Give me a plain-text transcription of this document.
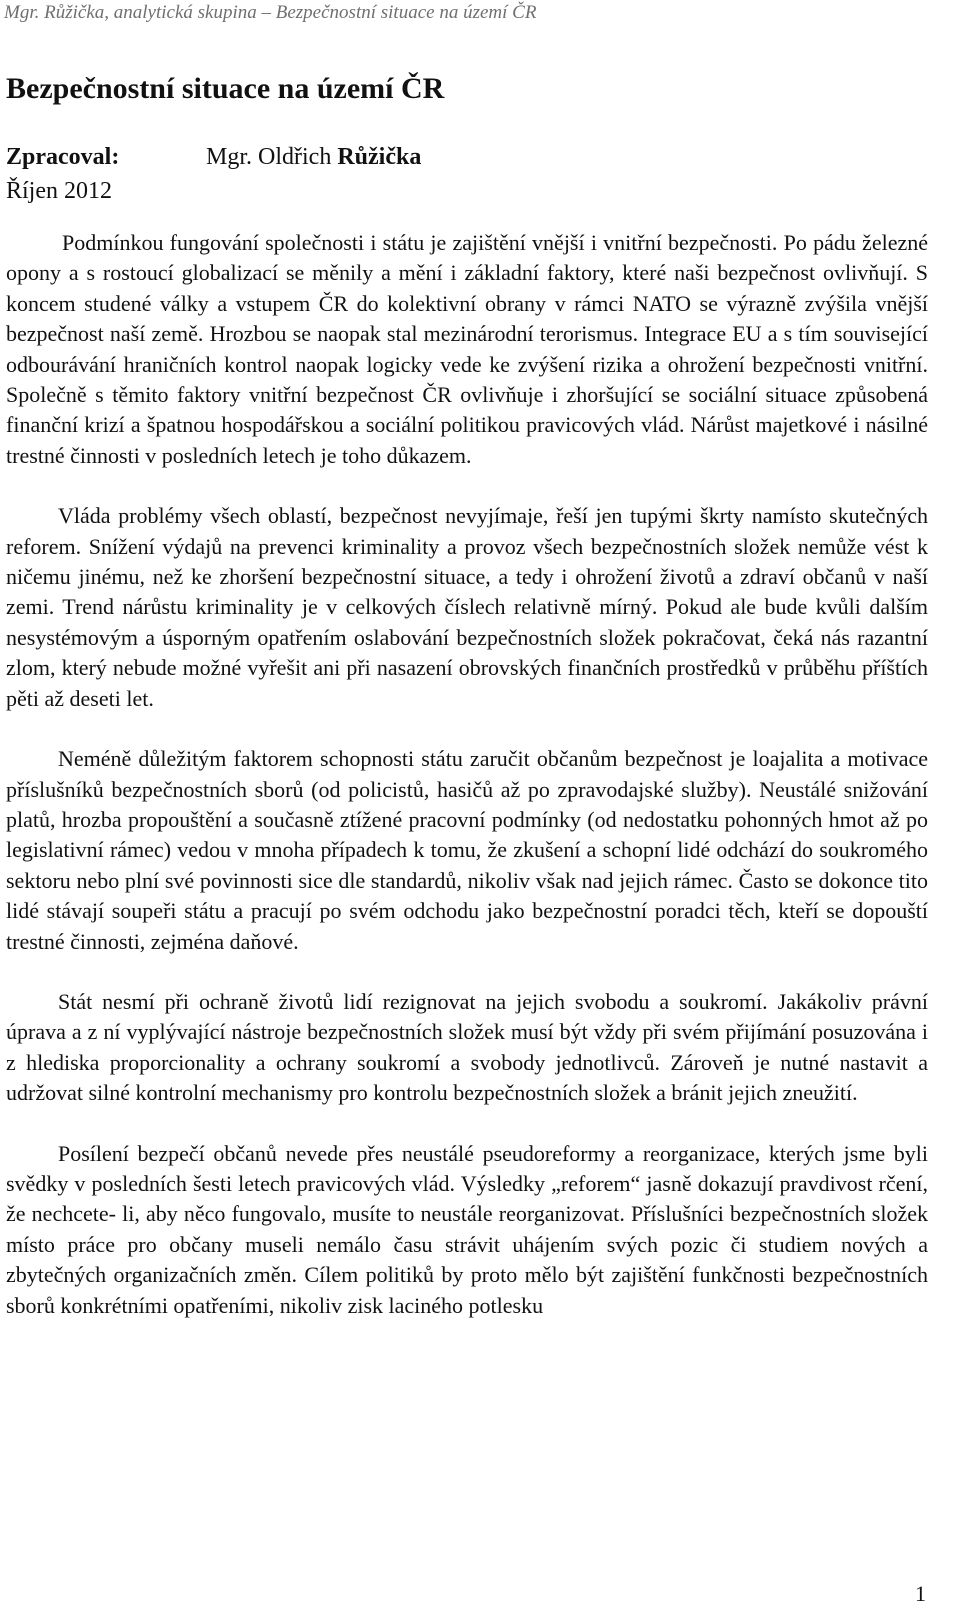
Mgr. Růžička, analytická skupina – Bezpečnostní situace na území ČR
Bezpečnostní situace na území ČR
Zpracoval:	Mgr. Oldřich Růžička
Říjen 2012

Podmínkou fungování společnosti i státu je zajištění vnější i vnitřní bezpečnosti. Po pádu železné opony a s rostoucí globalizací se měnily a mění i základní faktory, které naši bezpečnost ovlivňují. S koncem studené války a vstupem ČR do kolektivní obrany v rámci NATO se výrazně zvýšila vnější bezpečnost naší země. Hrozbou se naopak stal mezinárodní terorismus. Integrace EU a s tím související odbourávání hraničních kontrol naopak logicky vede ke zvýšení rizika a ohrožení bezpečnosti vnitřní. Společně s těmito faktory vnitřní bezpečnost ČR ovlivňuje i zhoršující se sociální situace způsobená finanční krizí a špatnou hospodářskou a sociální politikou pravicových vlád. Nárůst majetkové i násilné trestné činnosti v posledních letech je toho důkazem.

Vláda problémy všech oblastí, bezpečnost nevyjímaje, řeší jen tupými škrty namísto skutečných reforem. Snížení výdajů na prevenci kriminality a provoz všech bezpečnostních složek nemůže vést k ničemu jinému, než ke zhoršení bezpečnostní situace, a tedy i ohrožení životů a zdraví občanů v naší zemi. Trend nárůstu kriminality je v celkových číslech relativně mírný. Pokud ale bude kvůli dalším nesystémovým a úsporným opatřením oslabování bezpečnostních složek pokračovat, čeká nás razantní zlom, který nebude možné vyřešit ani při nasazení obrovských finančních prostředků v průběhu příštích pěti až deseti let.

Neméně důležitým faktorem schopnosti státu zaručit občanům bezpečnost je loajalita a motivace příslušníků bezpečnostních sborů (od policistů, hasičů až po zpravodajské služby). Neustálé snižování platů, hrozba propouštění a současně ztížené pracovní podmínky (od nedostatku pohonných hmot až po legislativní rámec) vedou v mnoha případech k tomu, že zkušení a schopní lidé odchází do soukromého sektoru nebo plní své povinnosti sice dle standardů, nikoliv však nad jejich rámec. Často se dokonce tito lidé stávají soupeři státu a pracují po svém odchodu jako bezpečnostní poradci těch, kteří se dopouští trestné činnosti, zejména daňové.

Stát nesmí při ochraně životů lidí rezignovat na jejich svobodu a soukromí. Jakákoliv právní úprava a z ní vyplývající nástroje bezpečnostních složek musí být vždy při svém přijímání posuzována i z hlediska proporcionality a ochrany soukromí a svobody jednotlivců. Zároveň je nutné nastavit a udržovat silné kontrolní mechanismy pro kontrolu bezpečnostních složek a bránit jejich zneužití.

Posílení bezpečí občanů nevede přes neustálé pseudoreformy a reorganizace, kterých jsme byli svědky v posledních šesti letech pravicových vlád. Výsledky „reforem“ jasně dokazují pravdivost rčení, že nechcete- li, aby něco fungovalo, musíte to neustále reorganizovat. Příslušníci bezpečnostních složek místo práce pro občany museli nemálo času strávit uhájením svých pozic či studiem nových a zbytečných organizačních změn. Cílem politiků by proto mělo být zajištění funkčnosti bezpečnostních sborů konkrétními opatřeními, nikoliv zisk laciného potlesku

1
